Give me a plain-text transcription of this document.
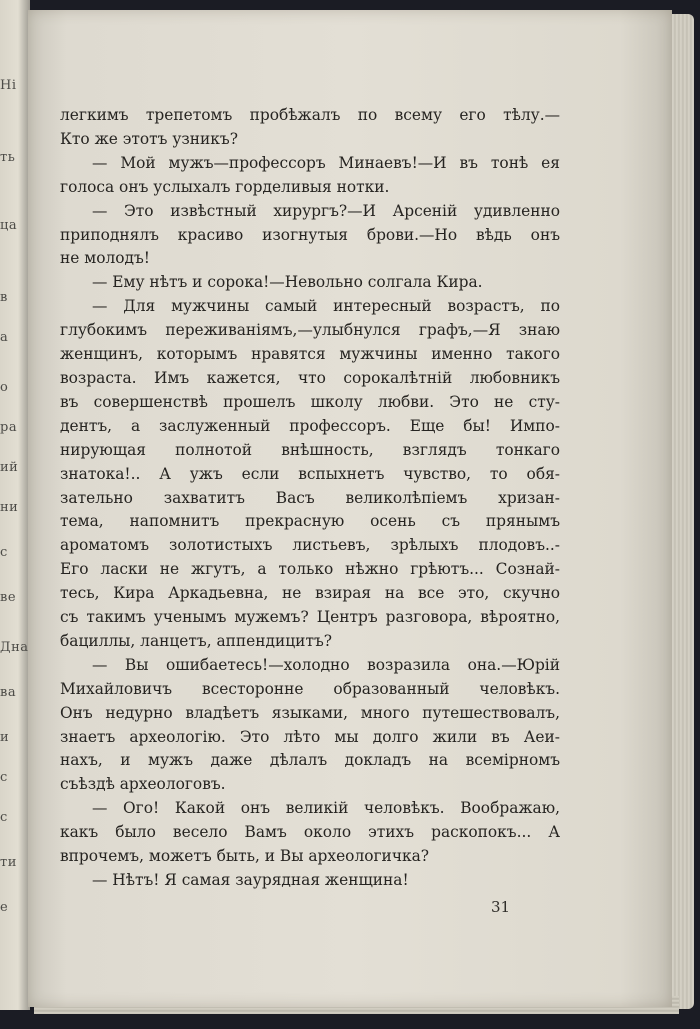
Нi
ть
ца
в
а
о
ра
ий
ни
с
ве
Дна
ва
и
с
с
ти
е

легкимъ трепетомъ пробѣжалъ по всему его тѣлу.—

Кто же этотъ узникъ?

— Мой мужъ—профессоръ Минаевъ!—И въ тонѣ ея

голоса онъ услыхалъ горделивыя нотки.

— Это извѣстный хирургъ?—И Арсеній удивленно

приподнялъ красиво изогнутыя брови.—Но вѣдь онъ

не молодъ!

— Ему нѣтъ и сорока!—Невольно солгала Кира.

— Для мужчины самый интересный возрастъ, по

глубокимъ переживаніямъ,—улыбнулся графъ,—Я знаю

женщинъ, которымъ нравятся мужчины именно такого

возраста. Имъ кажется, что сорокалѣтній любовникъ

въ совершенствѣ прошелъ школу любви. Это не сту-

дентъ, а заслуженный профессоръ. Еще бы! Импо-

нирующая полнотой внѣшность, взглядъ тонкаго

знатока!.. А ужъ если вспыхнетъ чувство, то обя-

зательно захватитъ Васъ великолѣпіемъ хризан-

тема, напомнитъ прекрасную осень съ прянымъ

ароматомъ золотистыхъ листьевъ, зрѣлыхъ плодовъ..-

Его ласки не жгутъ, а только нѣжно грѣютъ... Сознай-

тесь, Кира Аркадьевна, не взирая на все это, скучно

съ такимъ ученымъ мужемъ? Центръ разговора, вѣроятно,

бациллы, ланцетъ, аппендицитъ?

— Вы ошибаетесь!—холодно возразила она.—Юрій

Михайловичъ всесторонне образованный человѣкъ.

Онъ недурно владѣетъ языками, много путешествовалъ,

знаетъ археологію. Это лѣто мы долго жили въ Аеи-

нахъ, и мужъ даже дѣлалъ докладъ на всемірномъ

съѣздѣ археологовъ.

— Ого! Какой онъ великій человѣкъ. Воображаю,

какъ было весело Вамъ около этихъ раскопокъ... А

впрочемъ, можетъ быть, и Вы археологичка?

— Нѣтъ! Я самая заурядная женщина!

31
